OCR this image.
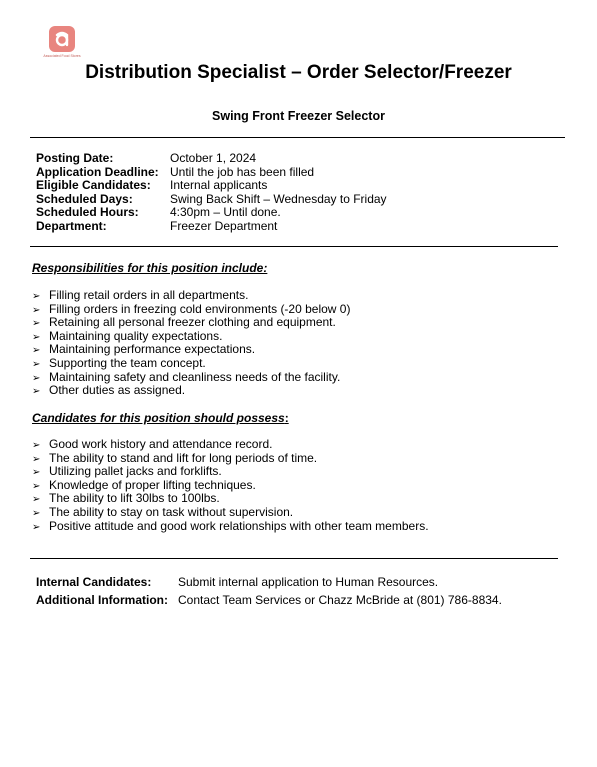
Associated Food Stores
Distribution Specialist – Order Selector/Freezer
Swing Front Freezer Selector
Posting Date:	October 1, 2024
Application Deadline: Until the job has been filled
Eligible Candidates: Internal applicants
Scheduled Days:	Swing Back Shift – Wednesday to Friday
Scheduled Hours:	4:30pm – Until done.
Department:	Freezer Department

Responsibilities for this position include:

➢ Filling retail orders in all departments.
➢ Filling orders in freezing cold environments (-20 below 0)
➢ Retaining all personal freezer clothing and equipment.
➢ Maintaining quality expectations.
➢ Maintaining performance expectations.
➢ Supporting the team concept.
➢ Maintaining safety and cleanliness needs of the facility.
➢ Other duties as assigned.

Candidates for this position should possess:

➢ Good work history and attendance record.
➢ The ability to stand and lift for long periods of time.
➢ Utilizing pallet jacks and forklifts.
➢ Knowledge of proper lifting techniques.
➢ The ability to lift 30lbs to 100lbs.
➢ The ability to stay on task without supervision.
➢ Positive attitude and good work relationships with other team members.
Internal Candidates: Submit internal application to Human Resources.
Additional Information: Contact Team Services or Chazz McBride at (801) 786-8834.
